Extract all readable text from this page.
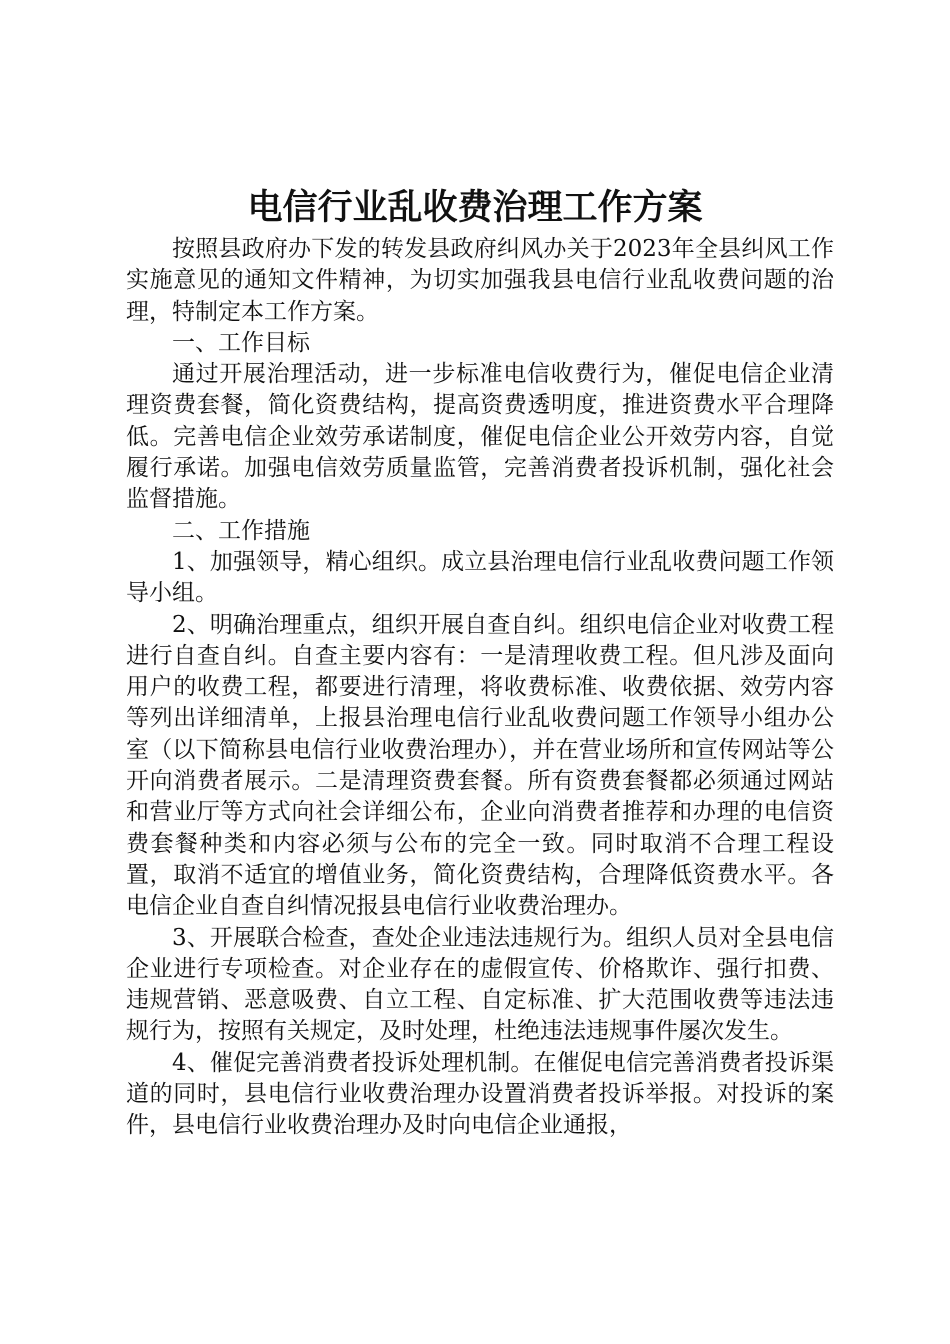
电信行业乱收费治理工作方案

按照县政府办下发的转发县政府纠风办关于2023年全县纠风工作实施意见的通知文件精神，为切实加强我县电信行业乱收费问题的治理，特制定本工作方案。

一、工作目标

通过开展治理活动，进一步标准电信收费行为，催促电信企业清理资费套餐，简化资费结构，提高资费透明度，推进资费水平合理降低。完善电信企业效劳承诺制度，催促电信企业公开效劳内容，自觉履行承诺。加强电信效劳质量监管，完善消费者投诉机制，强化社会监督措施。

二、工作措施

1、加强领导，精心组织。成立县治理电信行业乱收费问题工作领导小组。

2、明确治理重点，组织开展自查自纠。组织电信企业对收费工程进行自查自纠。自查主要内容有：一是清理收费工程。但凡涉及面向用户的收费工程，都要进行清理，将收费标准、收费依据、效劳内容等列出详细清单，上报县治理电信行业乱收费问题工作领导小组办公室（以下简称县电信行业收费治理办），并在营业场所和宣传网站等公开向消费者展示。二是清理资费套餐。所有资费套餐都必须通过网站和营业厅等方式向社会详细公布，企业向消费者推荐和办理的电信资费套餐种类和内容必须与公布的完全一致。同时取消不合理工程设置，取消不适宜的增值业务，简化资费结构，合理降低资费水平。各电信企业自查自纠情况报县电信行业收费治理办。

3、开展联合检查，查处企业违法违规行为。组织人员对全县电信企业进行专项检查。对企业存在的虚假宣传、价格欺诈、强行扣费、违规营销、恶意吸费、自立工程、自定标准、扩大范围收费等违法违规行为，按照有关规定，及时处理，杜绝违法违规事件屡次发生。

4、催促完善消费者投诉处理机制。在催促电信完善消费者投诉渠道的同时，县电信行业收费治理办设置消费者投诉举报。对投诉的案件，县电信行业收费治理办及时向电信企业通报，
